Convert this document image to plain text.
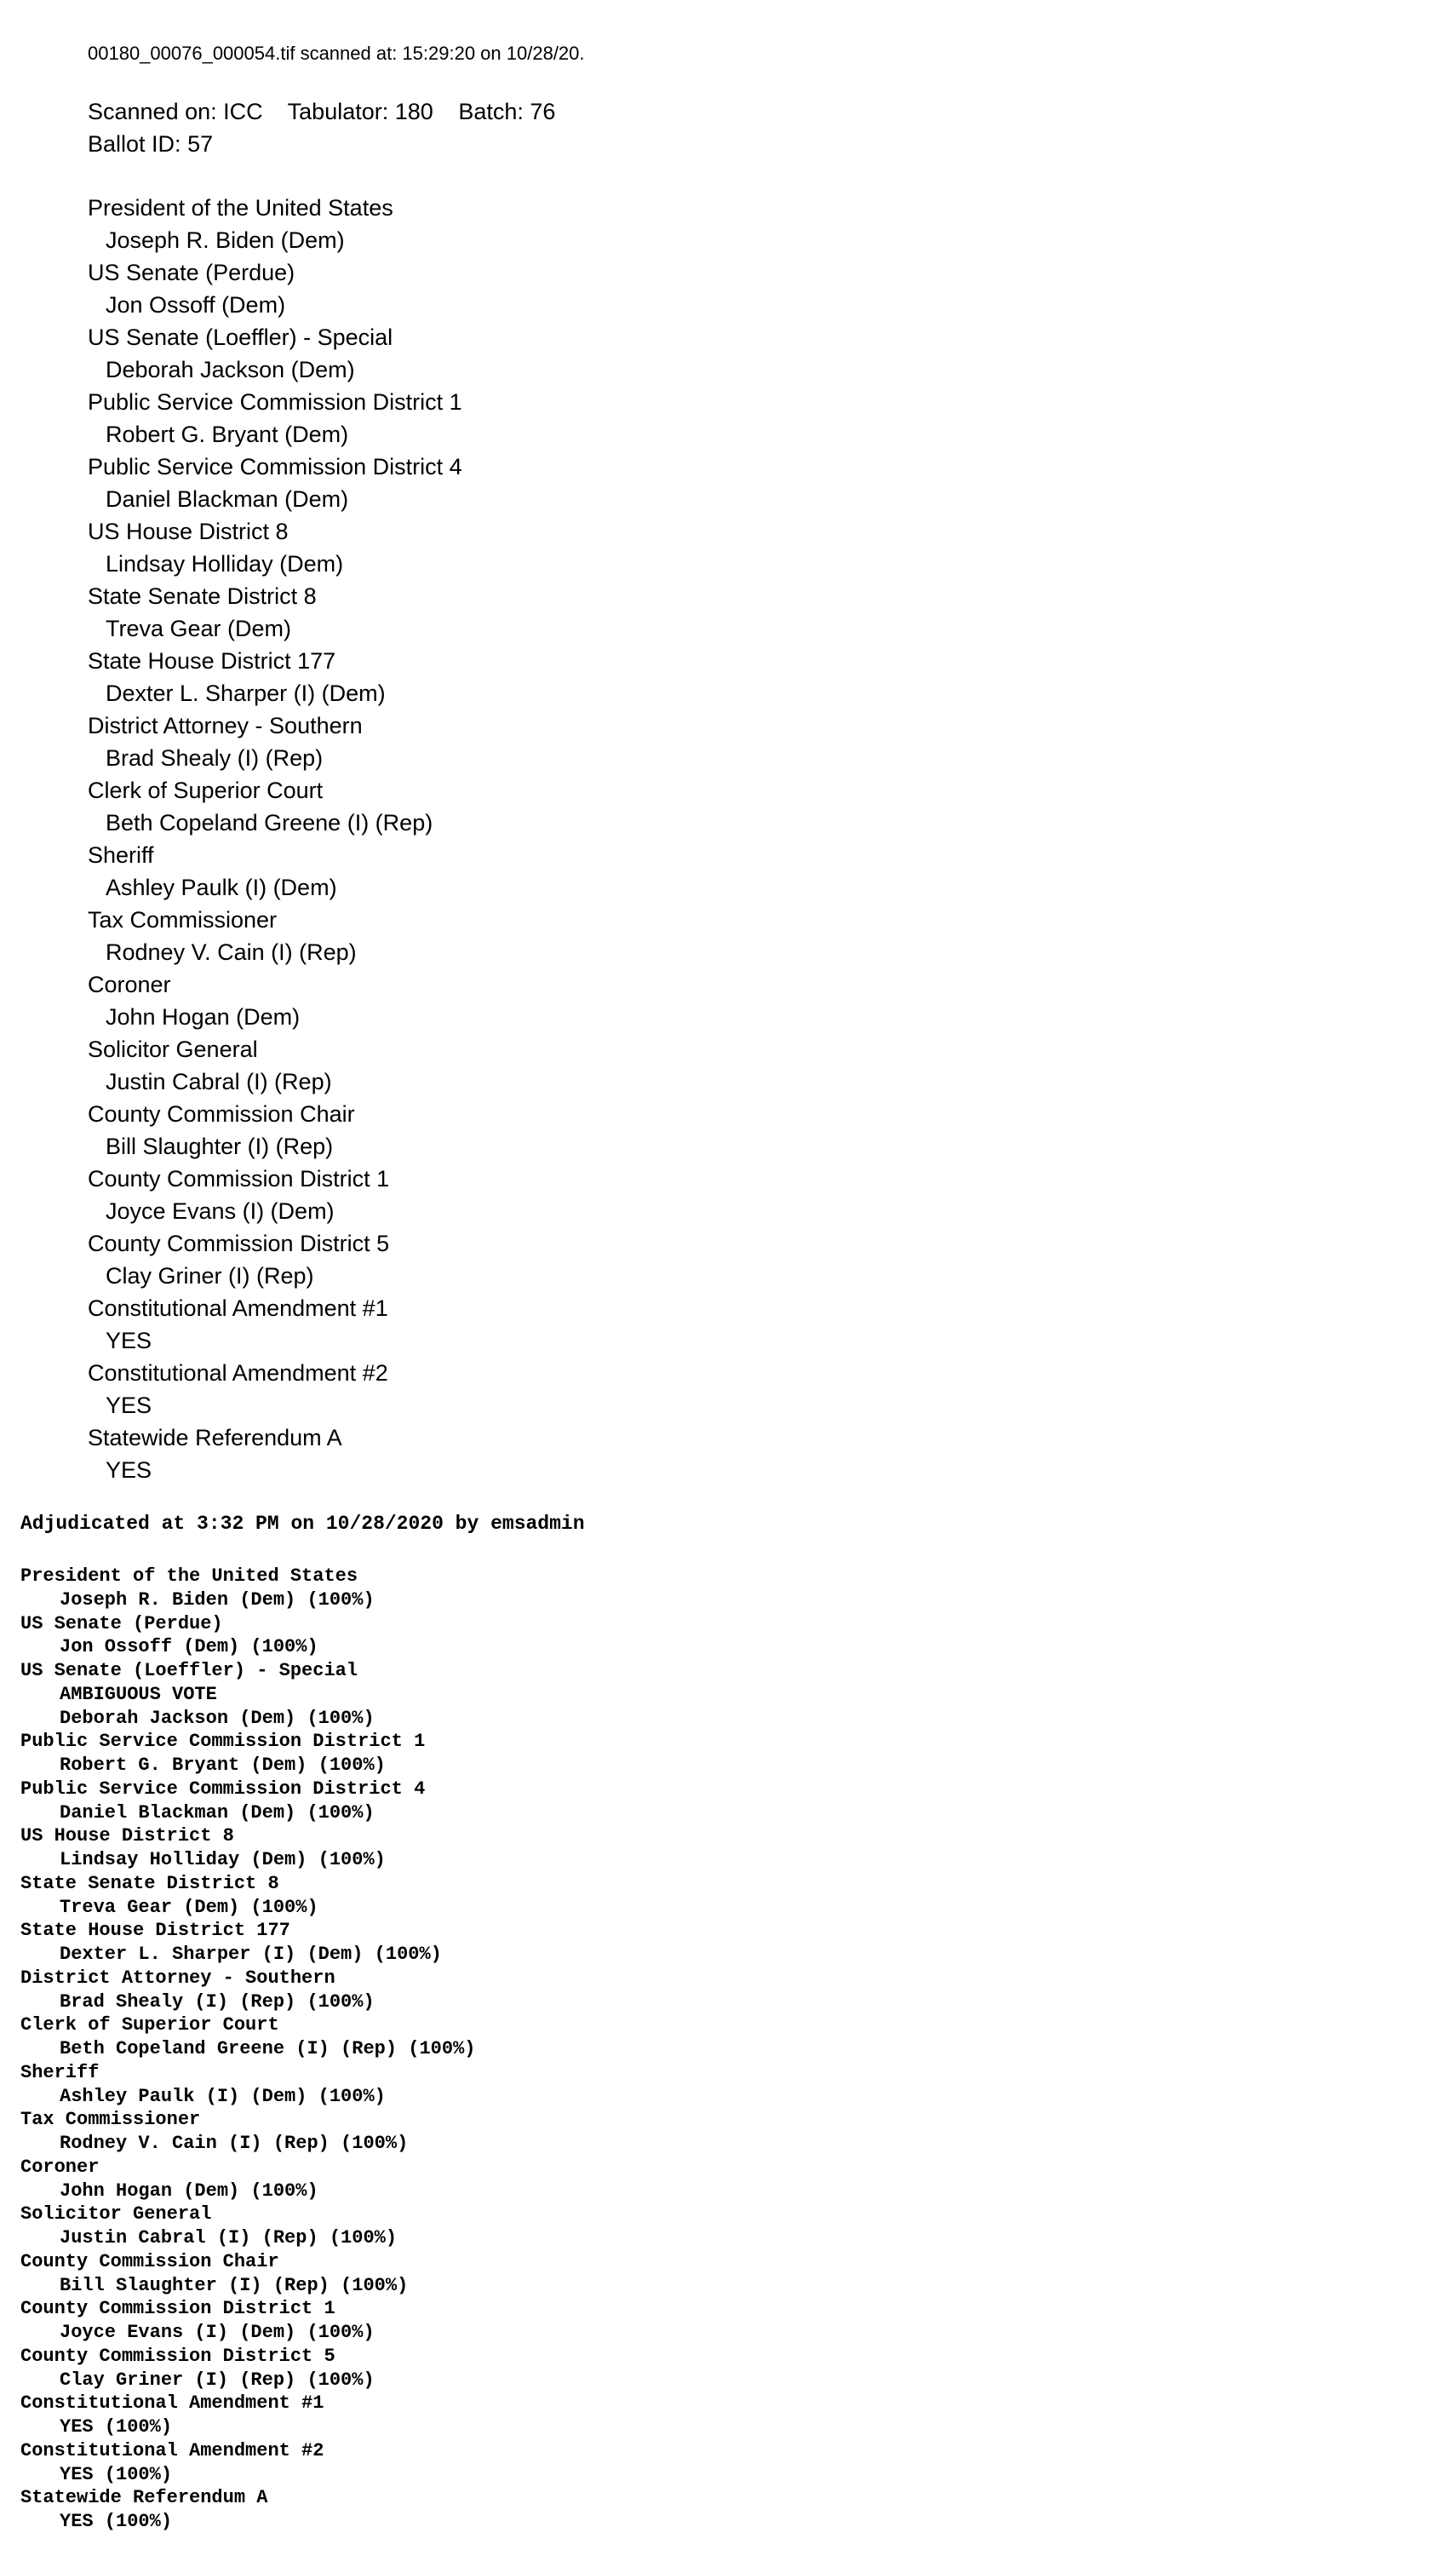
00180_00076_000054.tif scanned at: 15:29:20 on 10/28/20.
Scanned on: ICC Tabulator: 180 Batch: 76
Ballot ID: 57
President of the United States
Joseph R. Biden (Dem)
US Senate (Perdue)
Jon Ossoff (Dem)
US Senate (Loeffler) - Special
Deborah Jackson (Dem)
Public Service Commission District 1
Robert G. Bryant (Dem)
Public Service Commission District 4
Daniel Blackman (Dem)
US House District 8
Lindsay Holliday (Dem)
State Senate District 8
Treva Gear (Dem)
State House District 177
Dexter L. Sharper (I) (Dem)
District Attorney - Southern
Brad Shealy (I) (Rep)
Clerk of Superior Court
Beth Copeland Greene (I) (Rep)
Sheriff
Ashley Paulk (I) (Dem)
Tax Commissioner
Rodney V. Cain (I) (Rep)
Coroner
John Hogan (Dem)
Solicitor General
Justin Cabral (I) (Rep)
County Commission Chair
Bill Slaughter (I) (Rep)
County Commission District 1
Joyce Evans (I) (Dem)
County Commission District 5
Clay Griner (I) (Rep)
Constitutional Amendment #1
YES
Constitutional Amendment #2
YES
Statewide Referendum A
YES
Adjudicated at 3:32 PM on 10/28/2020 by emsadmin
President of the United States
Joseph R. Biden (Dem) (100%)
US Senate (Perdue)
Jon Ossoff (Dem) (100%)
US Senate (Loeffler) - Special
AMBIGUOUS VOTE
Deborah Jackson (Dem) (100%)
Public Service Commission District 1
Robert G. Bryant (Dem) (100%)
Public Service Commission District 4
Daniel Blackman (Dem) (100%)
US House District 8
Lindsay Holliday (Dem) (100%)
State Senate District 8
Treva Gear (Dem) (100%)
State House District 177
Dexter L. Sharper (I) (Dem) (100%)
District Attorney - Southern
Brad Shealy (I) (Rep) (100%)
Clerk of Superior Court
Beth Copeland Greene (I) (Rep) (100%)
Sheriff
Ashley Paulk (I) (Dem) (100%)
Tax Commissioner
Rodney V. Cain (I) (Rep) (100%)
Coroner
John Hogan (Dem) (100%)
Solicitor General
Justin Cabral (I) (Rep) (100%)
County Commission Chair
Bill Slaughter (I) (Rep) (100%)
County Commission District 1
Joyce Evans (I) (Dem) (100%)
County Commission District 5
Clay Griner (I) (Rep) (100%)
Constitutional Amendment #1
YES (100%)
Constitutional Amendment #2
YES (100%)
Statewide Referendum A
YES (100%)
